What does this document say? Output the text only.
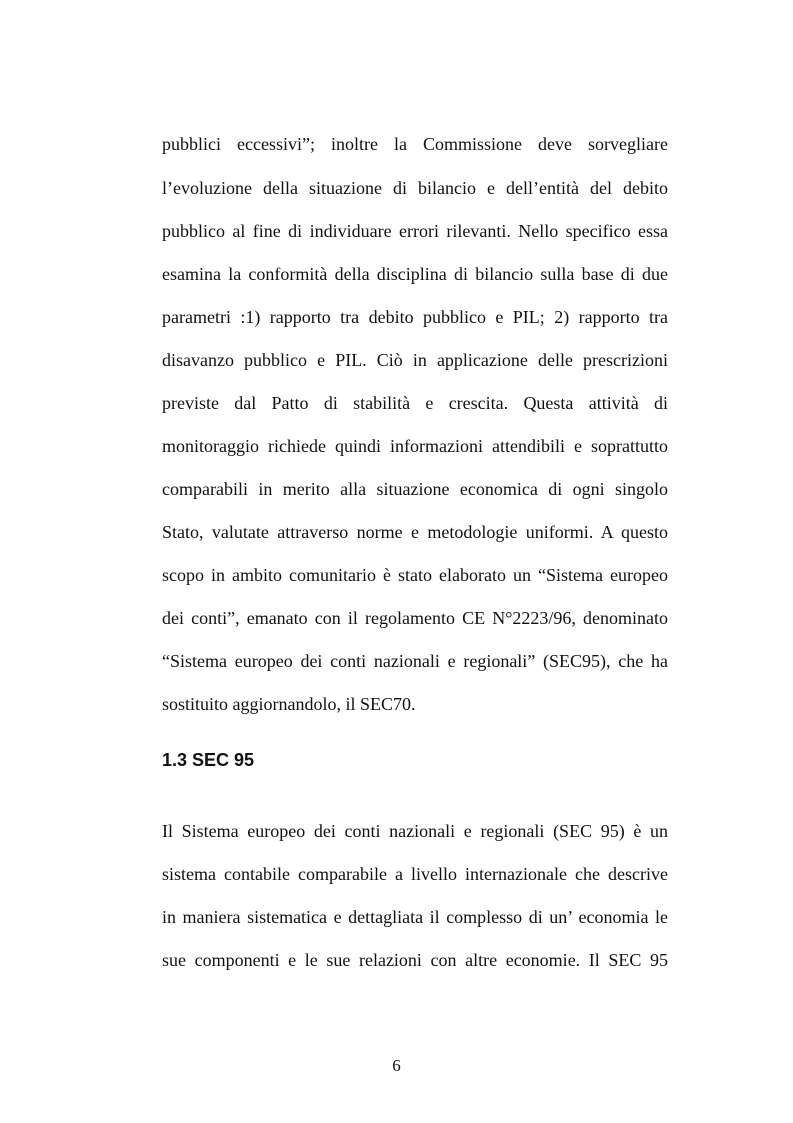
pubblici eccessivi”; inoltre la Commissione deve sorvegliare
l’evoluzione della situazione di bilancio e dell’entità del debito
pubblico al fine di individuare errori rilevanti. Nello specifico essa
esamina la conformità della disciplina di bilancio sulla base di due
parametri :1) rapporto tra debito pubblico e PIL; 2) rapporto tra
disavanzo pubblico e PIL. Ciò in applicazione delle prescrizioni
previste dal Patto di stabilità e crescita. Questa attività di
monitoraggio richiede quindi informazioni attendibili e soprattutto
comparabili in merito alla situazione economica di ogni singolo
Stato, valutate attraverso norme e metodologie uniformi. A questo
scopo in ambito comunitario è stato elaborato un “Sistema europeo
dei conti”, emanato con il regolamento CE N°2223/96, denominato
“Sistema europeo dei conti nazionali e regionali” (SEC95), che ha
sostituito aggiornandolo, il SEC70.
1.3 SEC 95
Il Sistema europeo dei conti nazionali e regionali (SEC 95) è un
sistema contabile comparabile a livello internazionale che descrive
in maniera sistematica e dettagliata il complesso di un’ economia le
sue componenti e le sue relazioni con altre economie. Il SEC 95
6
